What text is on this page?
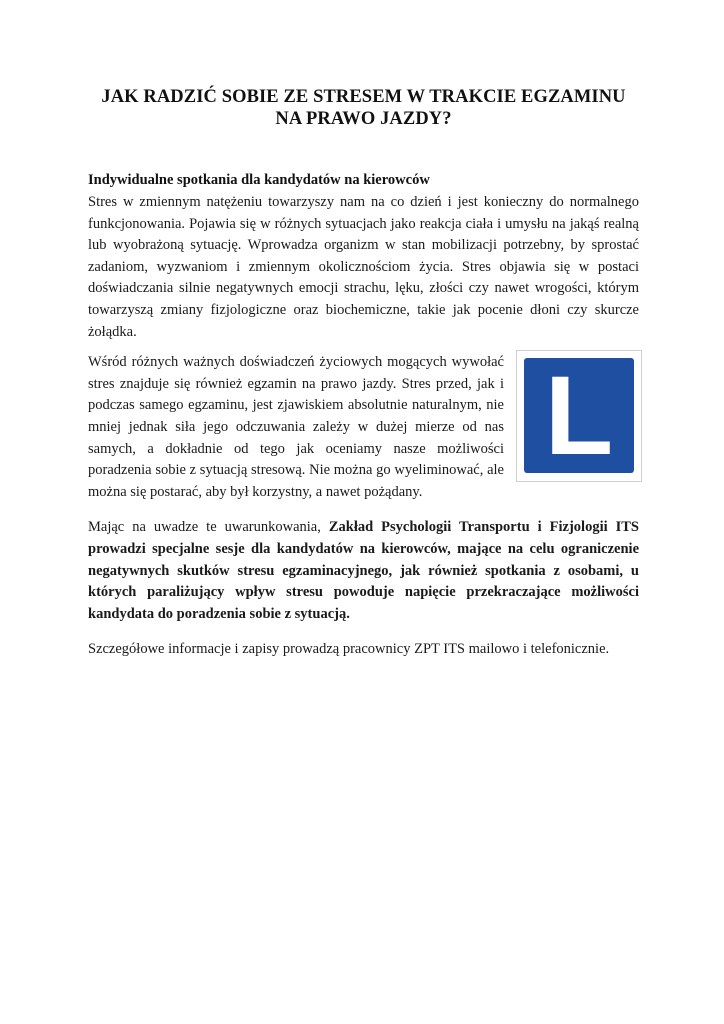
JAK RADZIĆ SOBIE ZE STRESEM W TRAKCIE EGZAMINU NA PRAWO JAZDY?

Indywidualne spotkania dla kandydatów na kierowców

Stres w zmiennym natężeniu towarzyszy nam na co dzień i jest konieczny do normalnego funkcjonowania. Pojawia się w różnych sytuacjach jako reakcja ciała i umysłu na jakąś realną lub wyobrażoną sytuację. Wprowadza organizm w stan mobilizacji potrzebny, by sprostać zadaniom, wyzwaniom i zmiennym okolicznościom życia. Stres objawia się w postaci doświadczania silnie negatywnych emocji strachu, lęku, złości czy nawet wrogości, którym towarzyszą zmiany fizjologiczne oraz biochemiczne, takie jak pocenie dłoni czy skurcze żołądka.

L

Wśród różnych ważnych doświadczeń życiowych mogących wywołać stres znajduje się również egzamin na prawo jazdy. Stres przed, jak i podczas samego egzaminu, jest zjawiskiem absolutnie naturalnym, nie mniej jednak siła jego odczuwania zależy w dużej mierze od nas samych, a dokładnie od tego jak oceniamy nasze możliwości poradzenia sobie z sytuacją stresową. Nie można go wyeliminować, ale można się postarać, aby był korzystny, a nawet pożądany.

Mając na uwadze te uwarunkowania, Zakład Psychologii Transportu i Fizjologii ITS prowadzi specjalne sesje dla kandydatów na kierowców, mające na celu ograniczenie negatywnych skutków stresu egzaminacyjnego, jak również spotkania z osobami, u których paraliżujący wpływ stresu powoduje napięcie przekraczające możliwości kandydata do poradzenia sobie z sytuacją.

Szczegółowe informacje i zapisy prowadzą pracownicy ZPT ITS mailowo i telefonicznie.
